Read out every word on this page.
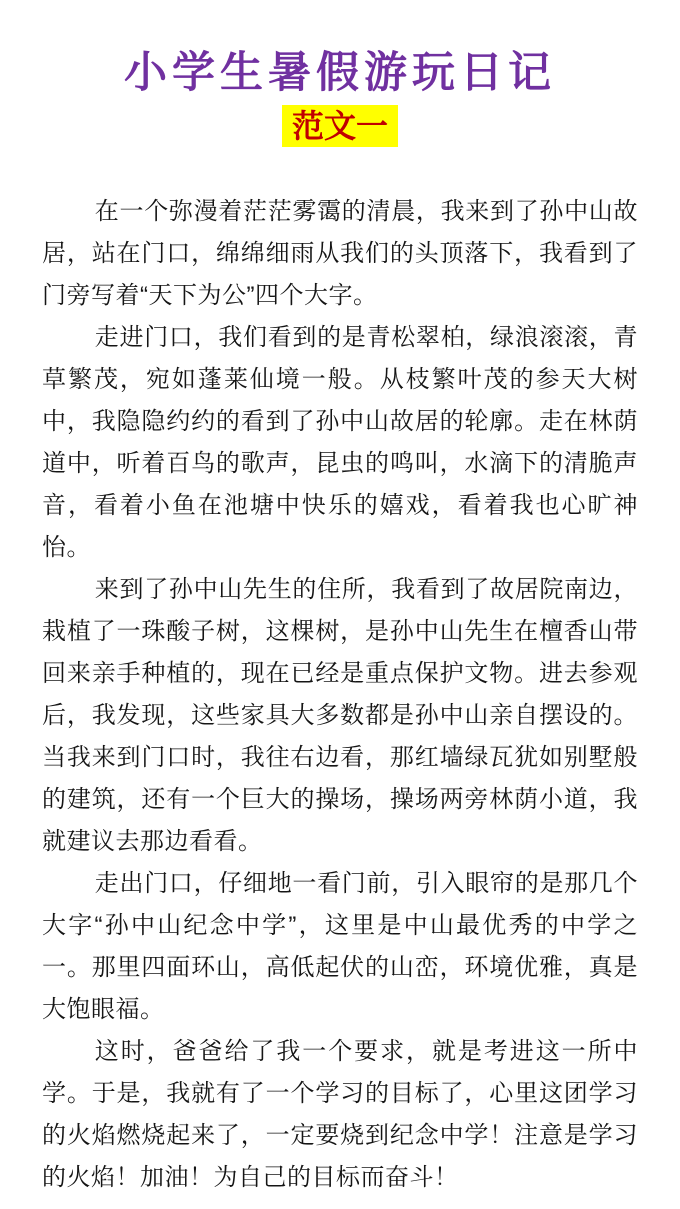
小学生暑假游玩日记
范文一

在一个弥漫着茫茫雾霭的清晨，我来到了孙中山故居，站在门口，绵绵细雨从我们的头顶落下，我看到了门旁写着“天下为公”四个大字。

走进门口，我们看到的是青松翠柏，绿浪滚滚，青草繁茂，宛如蓬莱仙境一般。从枝繁叶茂的参天大树中，我隐隐约约的看到了孙中山故居的轮廓。走在林荫道中，听着百鸟的歌声，昆虫的鸣叫，水滴下的清脆声音，看着小鱼在池塘中快乐的嬉戏，看着我也心旷神怡。

来到了孙中山先生的住所，我看到了故居院南边，栽植了一珠酸子树，这棵树，是孙中山先生在檀香山带回来亲手种植的，现在已经是重点保护文物。进去参观后，我发现，这些家具大多数都是孙中山亲自摆设的。当我来到门口时，我往右边看，那红墙绿瓦犹如别墅般的建筑，还有一个巨大的操场，操场两旁林荫小道，我就建议去那边看看。

走出门口，仔细地一看门前，引入眼帘的是那几个大字“孙中山纪念中学”，这里是中山最优秀的中学之一。那里四面环山，高低起伏的山峦，环境优雅，真是大饱眼福。

这时，爸爸给了我一个要求，就是考进这一所中学。于是，我就有了一个学习的目标了，心里这团学习的火焰燃烧起来了，一定要烧到纪念中学！注意是学习的火焰！加油！为自己的目标而奋斗！
